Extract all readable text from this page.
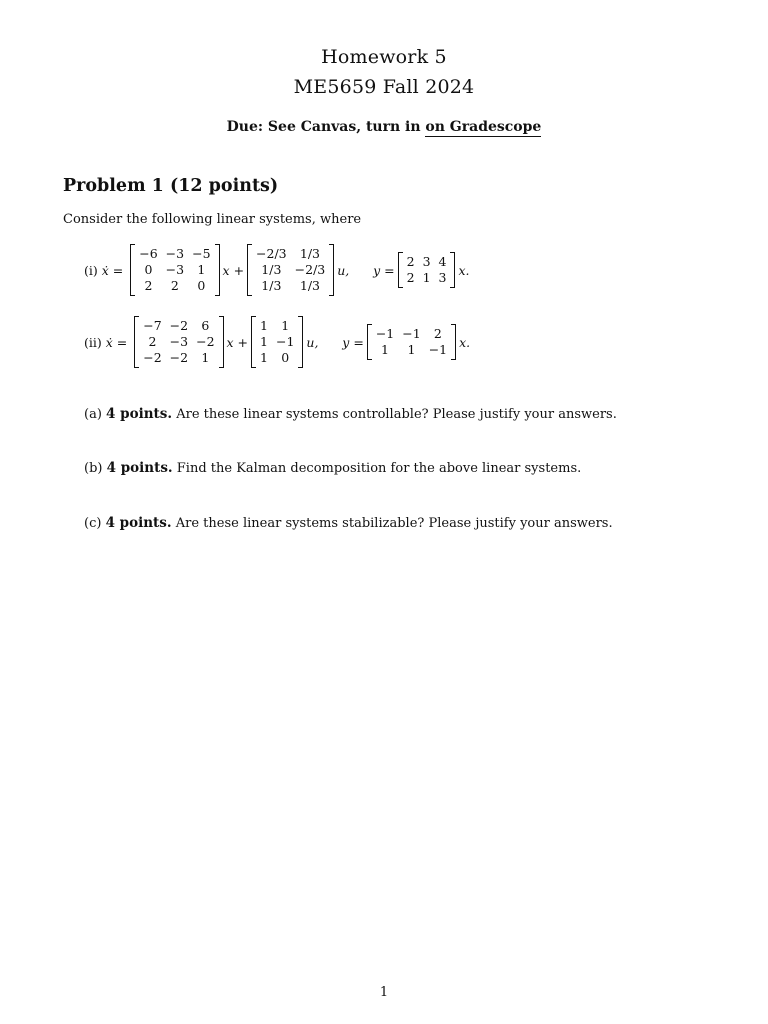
Homework 5
ME5659 Fall 2024
Due: See Canvas, turn in on Gradescope
Problem 1 (12 points)
Consider the following linear systems, where
(i)
ẋ =
−6	−3	−5
0	−3	1
2	2	0
x +
−2/3	1/3
1/3	−2/3
1/3	1/3
u,
y =
2	3	4
2	1	3 x.
(ii)
ẋ =
−7	−2	6
2	−3	−2
−2	−2	1
x +
1	1
1	−1
1	0
u,
y =
−1	−1	2
1	1	−1 x.
(a) 4 points. Are these linear systems controllable? Please justify your answers.
(b) 4 points. Find the Kalman decomposition for the above linear systems.
(c) 4 points. Are these linear systems stabilizable? Please justify your answers.
1
